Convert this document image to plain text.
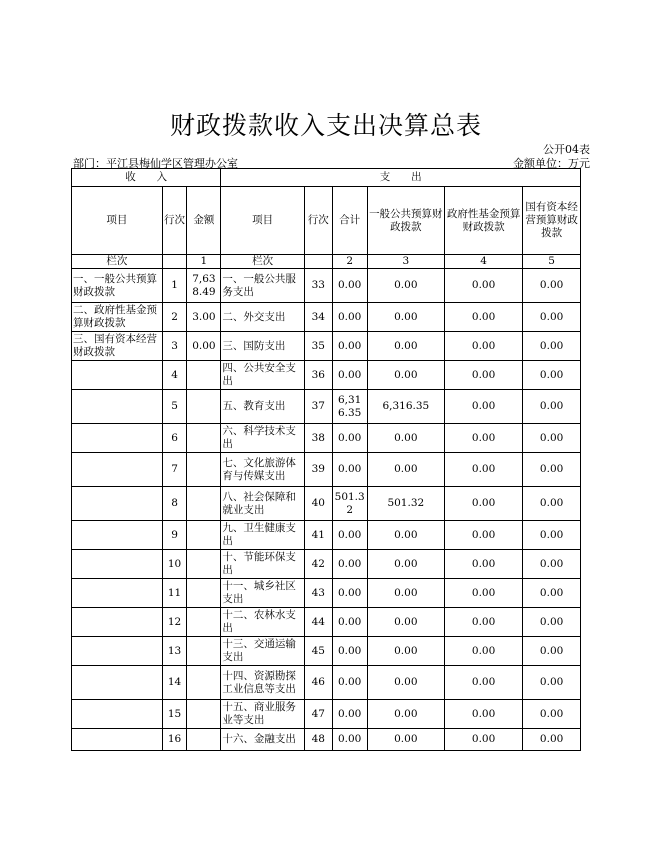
财政拨款收入支出决算总表
公开04表
部门：平江县梅仙学区管理办公室	金额单位：万元
收　　入			支　　出					
项目	行次	金额	项目	行次	合计	一般公共预算财政拨款	政府性基金预算财政拨款	国有资本经营预算财政拨款
栏次		1	栏次		2	3	4	5
一、一般公共预算财政拨款	1	7,638.49	一、一般公共服务支出	33	0.00	0.00	0.00	0.00
二、政府性基金预算财政拨款	2	3.00	二、外交支出	34	0.00	0.00	0.00	0.00
三、国有资本经营财政拨款	3	0.00	三、国防支出	35	0.00	0.00	0.00	0.00
	4		四、公共安全支出	36	0.00	0.00	0.00	0.00
	5		五、教育支出	37	6,316.35	6,316.35	0.00	0.00
	6		六、科学技术支出	38	0.00	0.00	0.00	0.00
	7		七、文化旅游体育与传媒支出	39	0.00	0.00	0.00	0.00
	8		八、社会保障和就业支出	40	501.32	501.32	0.00	0.00
	9		九、卫生健康支出	41	0.00	0.00	0.00	0.00
	10		十、节能环保支出	42	0.00	0.00	0.00	0.00
	11		十一、城乡社区支出	43	0.00	0.00	0.00	0.00
	12		十二、农林水支出	44	0.00	0.00	0.00	0.00
	13		十三、交通运输支出	45	0.00	0.00	0.00	0.00
	14		十四、资源勘探工业信息等支出	46	0.00	0.00	0.00	0.00
	15		十五、商业服务业等支出	47	0.00	0.00	0.00	0.00
	16		十六、金融支出	48	0.00	0.00	0.00	0.00
